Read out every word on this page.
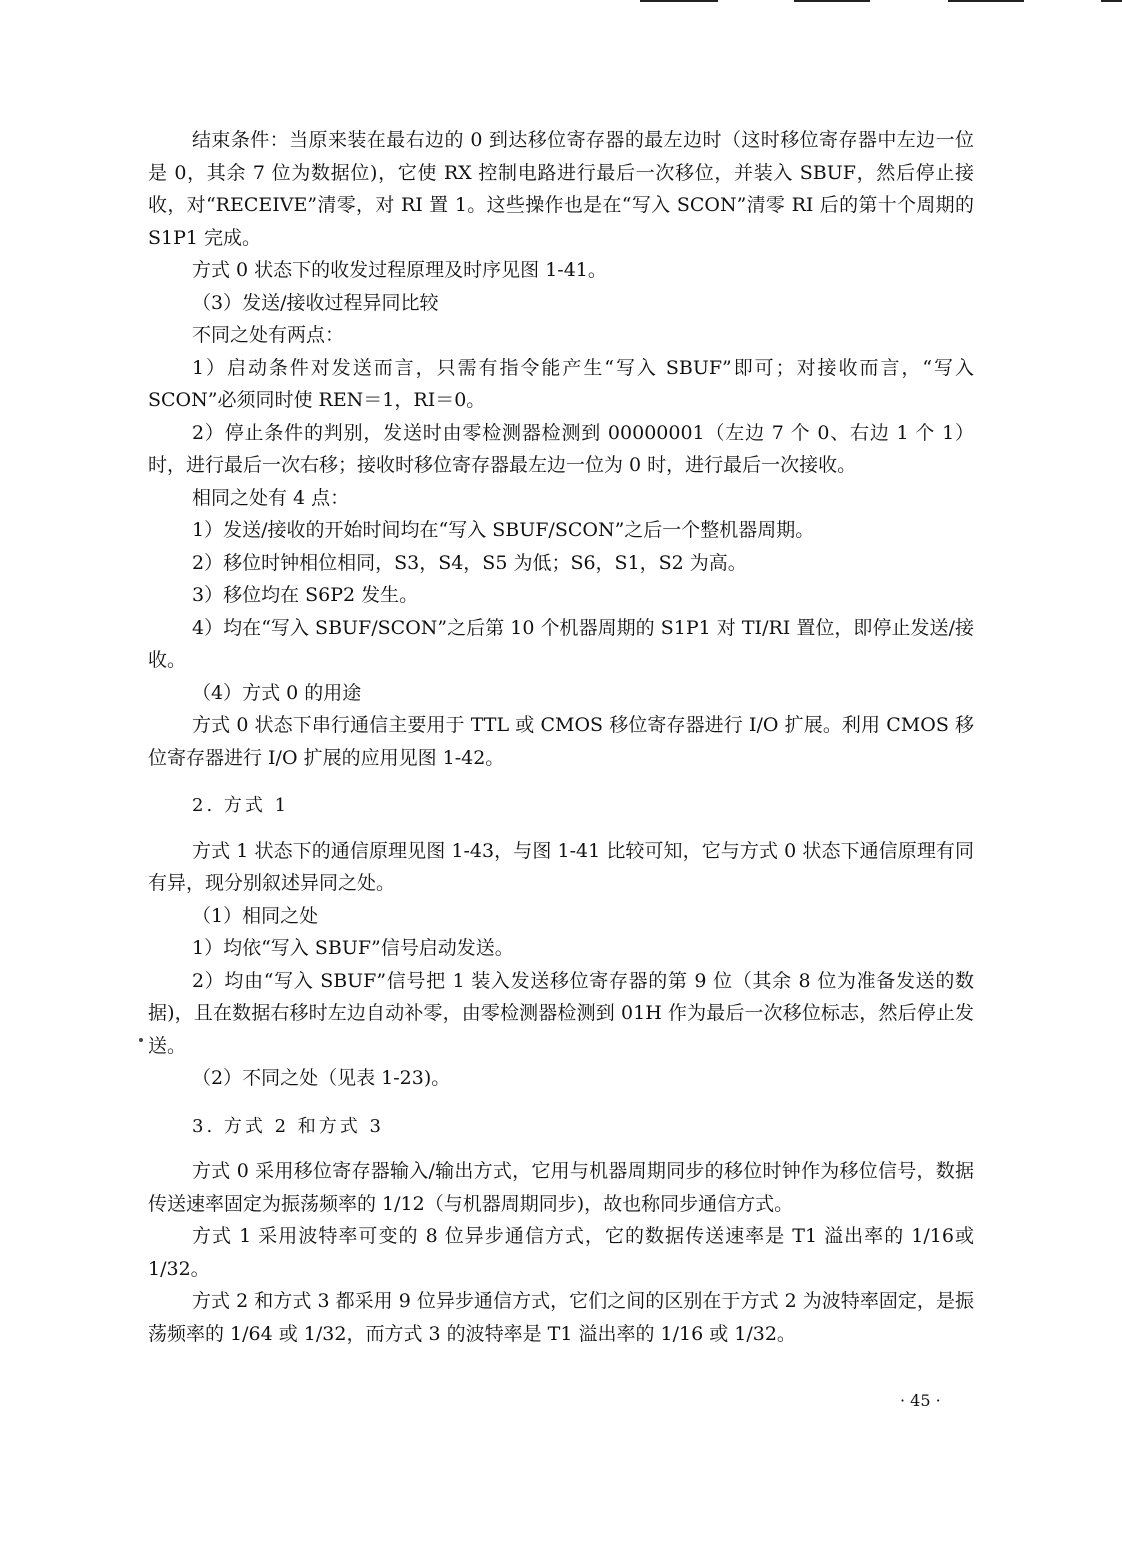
结束条件：当原来装在最右边的 0 到达移位寄存器的最左边时（这时移位寄存器中左边一位是 0，其余 7 位为数据位)，它使 RX 控制电路进行最后一次移位，并装入 SBUF，然后停止接收，对“RECEIVE”清零，对 RI 置 1。这些操作也是在“写入 SCON”清零 RI 后的第十个周期的 S1P1 完成。

方式 0 状态下的收发过程原理及时序见图 1-41。

（3）发送/接收过程异同比较

不同之处有两点：

1）启动条件对发送而言，只需有指令能产生“写入 SBUF”即可；对接收而言，“写入 SCON”必须同时使 REN＝1，RI＝0。

2）停止条件的判别，发送时由零检测器检测到 00000001（左边 7 个 0、右边 1 个 1）时，进行最后一次右移；接收时移位寄存器最左边一位为 0 时，进行最后一次接收。

相同之处有 4 点：

1）发送/接收的开始时间均在“写入 SBUF/SCON”之后一个整机器周期。

2）移位时钟相位相同，S3，S4，S5 为低；S6，S1，S2 为高。

3）移位均在 S6P2 发生。

4）均在“写入 SBUF/SCON”之后第 10 个机器周期的 S1P1 对 TI/RI 置位，即停止发送/接收。

（4）方式 0 的用途

方式 0 状态下串行通信主要用于 TTL 或 CMOS 移位寄存器进行 I/O 扩展。利用 CMOS 移位寄存器进行 I/O 扩展的应用见图 1-42。

2. 方式 1

方式 1 状态下的通信原理见图 1-43，与图 1-41 比较可知，它与方式 0 状态下通信原理有同有异，现分别叙述异同之处。

（1）相同之处

1）均依“写入 SBUF”信号启动发送。

2）均由“写入 SBUF”信号把 1 装入发送移位寄存器的第 9 位（其余 8 位为准备发送的数据)，且在数据右移时左边自动补零，由零检测器检测到 01H 作为最后一次移位标志，然后停止发送。

（2）不同之处（见表 1-23)。

3. 方式 2 和方式 3

方式 0 采用移位寄存器输入/输出方式，它用与机器周期同步的移位时钟作为移位信号，数据传送速率固定为振荡频率的 1/12（与机器周期同步)，故也称同步通信方式。

方式 1 采用波特率可变的 8 位异步通信方式，它的数据传送速率是 T1 溢出率的 1/16或 1/32。

方式 2 和方式 3 都采用 9 位异步通信方式，它们之间的区别在于方式 2 为波特率固定，是振荡频率的 1/64 或 1/32，而方式 3 的波特率是 T1 溢出率的 1/16 或 1/32。

· 45 ·
